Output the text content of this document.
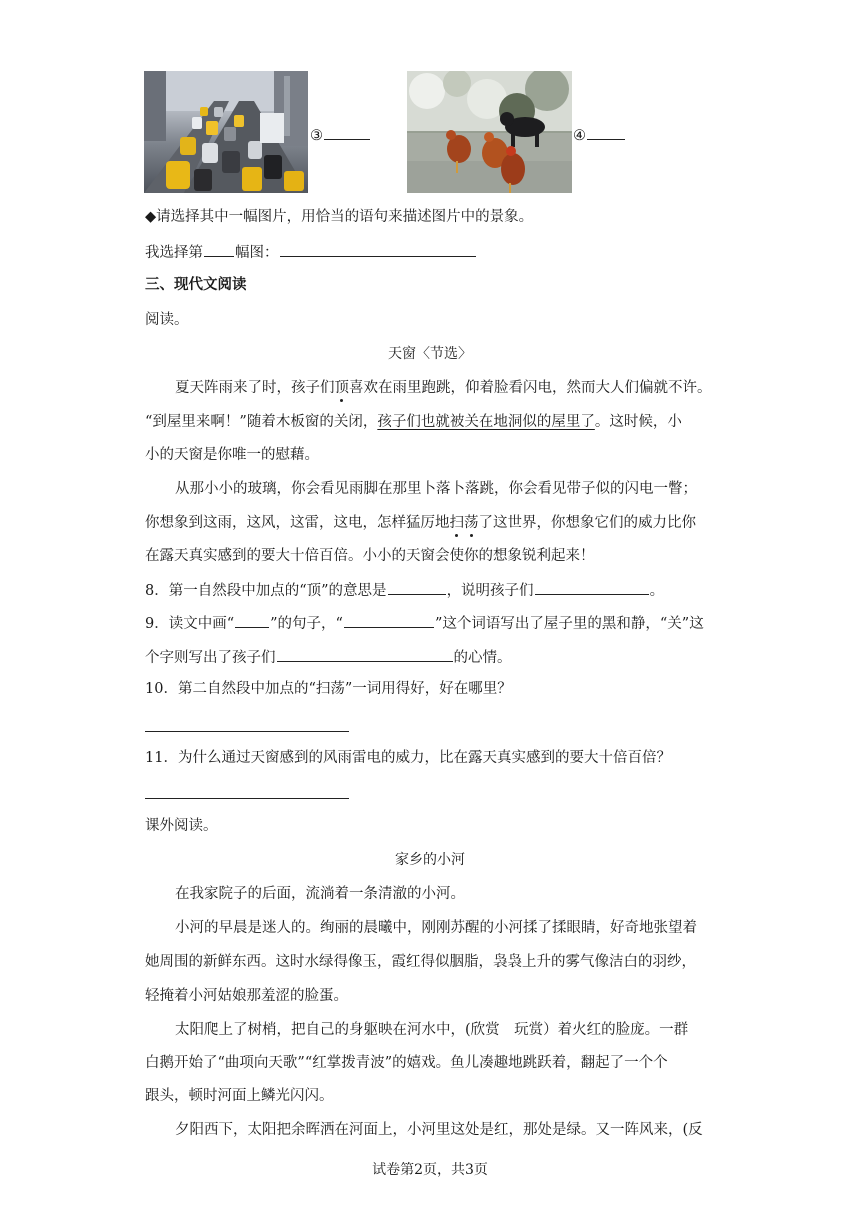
③	④
◆请选择其中一幅图片，用恰当的语句来描述图片中的景象。
我选择第 幅图：
三、现代文阅读
阅读。
天窗〈节选〉
夏天阵雨来了时，孩子们顶喜欢在雨里跑跳，仰着脸看闪电，然而大人们偏就不许。
“到屋里来啊！”随着木板窗的关闭，孩子们也就被关在地洞似的屋里了。这时候，小
小的天窗是你唯一的慰藉。
从那小小的玻璃，你会看见雨脚在那里卜落卜落跳，你会看见带子似的闪电一瞥；
你想象到这雨，这风，这雷，这电，怎样猛厉地扫荡了这世界，你想象它们的威力比你
在露天真实感到的要大十倍百倍。小小的天窗会使你的想象锐利起来！
8．第一自然段中加点的“顶”的意思是	，说明孩子们	。
9．读文中画“ ”的句子，“	”这个词语写出了屋子里的黑和静，“关”这
个字则写出了孩子们	的心情。
10．第二自然段中加点的“扫荡”一词用得好，好在哪里？
11．为什么通过天窗感到的风雨雷电的威力，比在露天真实感到的要大十倍百倍？
课外阅读。
家乡的小河
在我家院子的后面，流淌着一条清澈的小河。
小河的早晨是迷人的。绚丽的晨曦中，刚刚苏醒的小河揉了揉眼睛，好奇地张望着
她周围的新鲜东西。这时水绿得像玉，霞红得似胭脂，袅袅上升的雾气像洁白的羽纱，
轻掩着小河姑娘那羞涩的脸蛋。
太阳爬上了树梢，把自己的身躯映在河水中，(欣赏　玩赏）着火红的脸庞。一群
白鹅开始了“曲项向天歌”“红掌拨青波”的嬉戏。鱼儿凑趣地跳跃着，翻起了一个个
跟头，顿时河面上鳞光闪闪。
夕阳西下，太阳把余晖洒在河面上，小河里这处是红，那处是绿。又一阵风来，(反
试卷第2页，共3页
